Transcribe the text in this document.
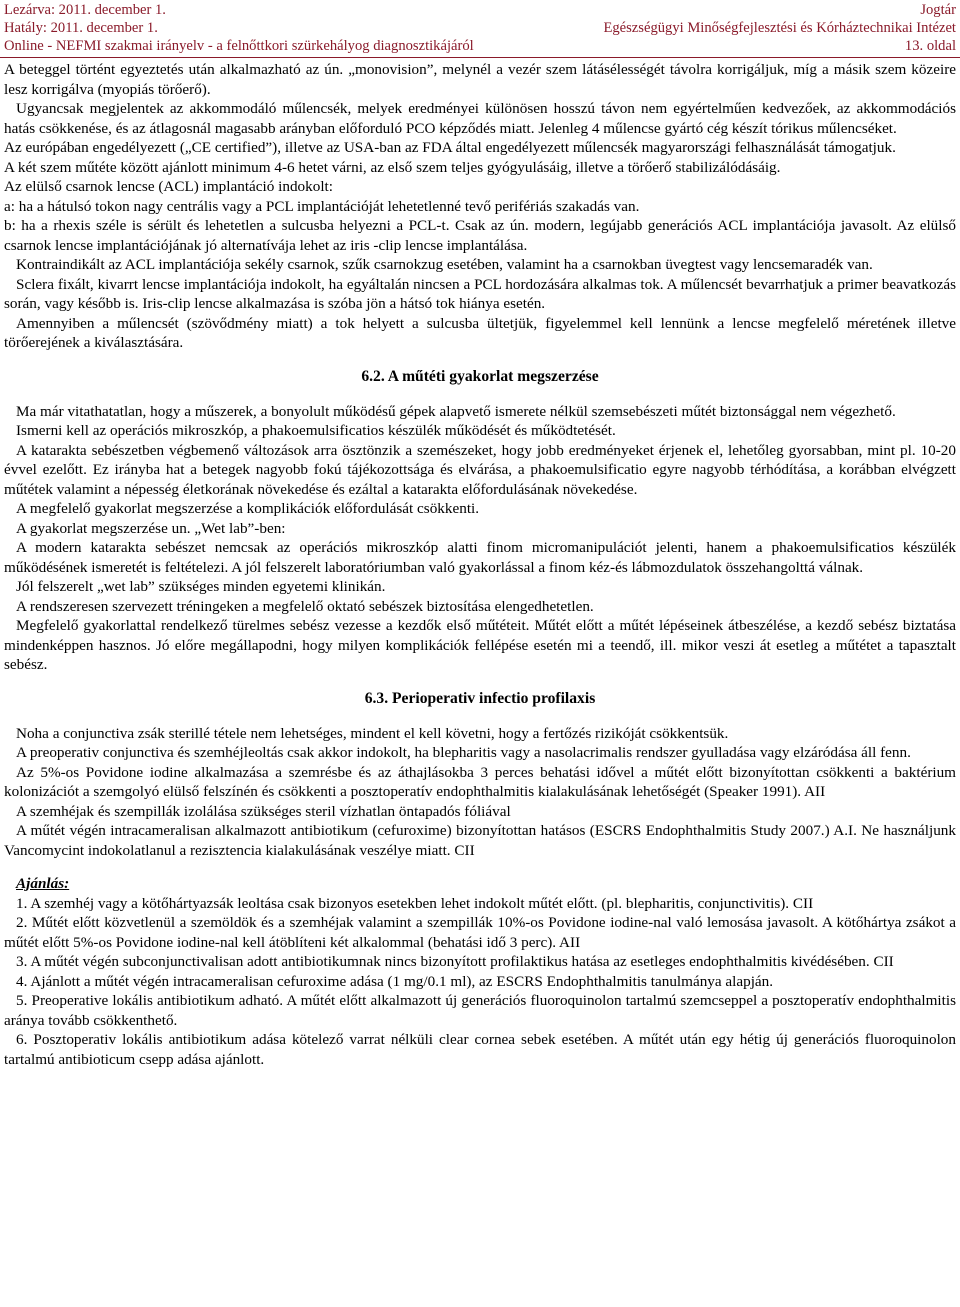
Lezárva: 2011. december 1.	Jogtár
Hatály: 2011. december 1.	Egészségügyi Minőségfejlesztési és Kórháztechnikai Intézet
Online - NEFMI szakmai irányelv - a felnőttkori szürkehályog diagnosztikájáról	13. oldal

A beteggel történt egyeztetés után alkalmazható az ún. „monovision”, melynél a vezér szem látásélességét távolra korrigáljuk, míg a másik szem közeire lesz korrigálva (myopiás törőerő).

Ugyancsak megjelentek az akkommodáló műlencsék, melyek eredményei különösen hosszú távon nem egyértelműen kedvezőek, az akkommodációs hatás csökkenése, és az átlagosnál magasabb arányban előforduló PCO képződés miatt. Jelenleg 4 műlencse gyártó cég készít tórikus műlencséket.

Az európában engedélyezett („CE certified”), illetve az USA-ban az FDA által engedélyezett műlencsék magyarországi felhasználását támogatjuk.

A két szem műtéte között ajánlott minimum 4-6 hetet várni, az első szem teljes gyógyulásáig, illetve a törőerő stabilizálódásáig.

Az elülső csarnok lencse (ACL) implantáció indokolt:

a: ha a hátulsó tokon nagy centrális vagy a PCL implantációját lehetetlenné tevő perifériás szakadás van.

b: ha a rhexis széle is sérült és lehetetlen a sulcusba helyezni a PCL-t. Csak az ún. modern, legújabb generációs ACL implantációja javasolt. Az elülső csarnok lencse implantációjának jó alternatívája lehet az iris -clip lencse implantálása.

Kontraindikált az ACL implantációja sekély csarnok, szűk csarnokzug esetében, valamint ha a csarnokban üvegtest vagy lencsemaradék van.

Sclera fixált, kivarrt lencse implantációja indokolt, ha egyáltalán nincsen a PCL hordozására alkalmas tok. A műlencsét bevarrhatjuk a primer beavatkozás során, vagy később is. Iris-clip lencse alkalmazása is szóba jön a hátsó tok hiánya esetén.

Amennyiben a műlencsét (szövődmény miatt) a tok helyett a sulcusba ültetjük, figyelemmel kell lennünk a lencse megfelelő méretének illetve törőerejének a kiválasztására.

6.2. A műtéti gyakorlat megszerzése

Ma már vitathatatlan, hogy a műszerek, a bonyolult működésű gépek alapvető ismerete nélkül szemsebészeti műtét biztonsággal nem végezhető.

Ismerni kell az operációs mikroszkóp, a phakoemulsificatios készülék működését és működtetését.

A katarakta sebészetben végbemenő változások arra ösztönzik a szemészeket, hogy jobb eredményeket érjenek el, lehetőleg gyorsabban, mint pl. 10-20 évvel ezelőtt. Ez irányba hat a betegek nagyobb fokú tájékozottsága és elvárása, a phakoemulsificatio egyre nagyobb térhódítása, a korábban elvégzett műtétek valamint a népesség életkorának növekedése és ezáltal a katarakta előfordulásának növekedése.

A megfelelő gyakorlat megszerzése a komplikációk előfordulását csökkenti.

A gyakorlat megszerzése un. „Wet lab”-ben:

A modern katarakta sebészet nemcsak az operációs mikroszkóp alatti finom micromanipulációt jelenti, hanem a phakoemulsificatios készülék működésének ismeretét is feltételezi. A jól felszerelt laboratóriumban való gyakorlással a finom kéz-és lábmozdulatok összehangolttá válnak.

Jól felszerelt „wet lab” szükséges minden egyetemi klinikán.

A rendszeresen szervezett tréningeken a megfelelő oktató sebészek biztosítása elengedhetetlen.

Megfelelő gyakorlattal rendelkező türelmes sebész vezesse a kezdők első műtéteit. Műtét előtt a műtét lépéseinek átbeszélése, a kezdő sebész biztatása mindenképpen hasznos. Jó előre megállapodni, hogy milyen komplikációk fellépése esetén mi a teendő, ill. mikor veszi át esetleg a műtétet a tapasztalt sebész.

6.3. Perioperativ infectio profilaxis

Noha a conjunctiva zsák sterillé tétele nem lehetséges, mindent el kell követni, hogy a fertőzés rizikóját csökkentsük.

A preoperativ conjunctiva és szemhéjleoltás csak akkor indokolt, ha blepharitis vagy a nasolacrimalis rendszer gyulladása vagy elzáródása áll fenn.

Az 5%-os Povidone iodine alkalmazása a szemrésbe és az áthajlásokba 3 perces behatási idővel a műtét előtt bizonyítottan csökkenti a baktérium kolonizációt a szemgolyó elülső felszínén és csökkenti a posztoperatív endophthalmitis kialakulásának lehetőségét (Speaker 1991). AII

A szemhéjak és szempillák izolálása szükséges steril vízhatlan öntapadós fóliával

A műtét végén intracameralisan alkalmazott antibiotikum (cefuroxime) bizonyítottan hatásos (ESCRS Endophthalmitis Study 2007.) A.I. Ne használjunk Vancomycint indokolatlanul a rezisztencia kialakulásának veszélye miatt. CII

Ajánlás:

1. A szemhéj vagy a kötőhártyazsák leoltása csak bizonyos esetekben lehet indokolt műtét előtt. (pl. blepharitis, conjunctivitis). CII

2. Műtét előtt közvetlenül a szemöldök és a szemhéjak valamint a szempillák 10%-os Povidone iodine-nal való lemosása javasolt. A kötőhártya zsákot a műtét előtt 5%-os Povidone iodine-nal kell átöblíteni két alkalommal (behatási idő 3 perc). AII

3. A műtét végén subconjunctivalisan adott antibiotikumnak nincs bizonyított profilaktikus hatása az esetleges endophthalmitis kivédésében. CII

4. Ajánlott a műtét végén intracameralisan cefuroxime adása (1 mg/0.1 ml), az ESCRS Endophthalmitis tanulmánya alapján.

5. Preoperative lokális antibiotikum adható. A műtét előtt alkalmazott új generációs fluoroquinolon tartalmú szemcseppel a posztoperatív endophthalmitis aránya tovább csökkenthető.

6. Posztoperativ lokális antibiotikum adása kötelező varrat nélküli clear cornea sebek esetében. A műtét után egy hétig új generációs fluoroquinolon tartalmú antibioticum csepp adása ajánlott.
